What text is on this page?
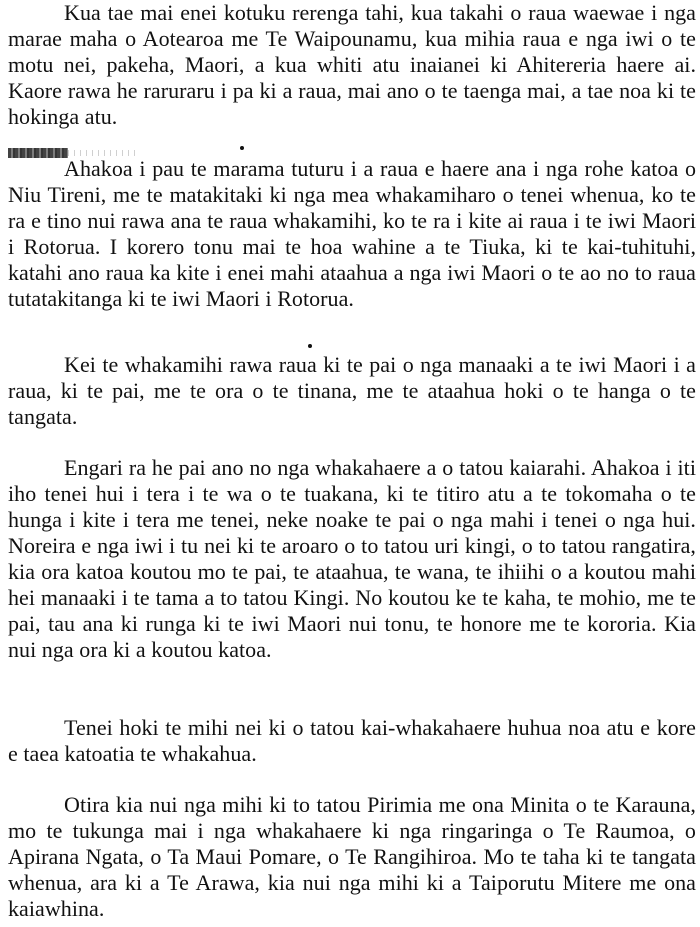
Kua tae mai enei kotuku rerenga tahi, kua takahi o raua waewae i nga marae maha o Aotearoa me Te Waipounamu, kua mihia raua e nga iwi o te motu nei, pakeha, Maori, a kua whiti atu inaianei ki Ahitereria haere ai. Kaore rawa he raruraru i pa ki a raua, mai ano o te taenga mai, a tae noa ki te hokinga atu.

Ahakoa i pau te marama tuturu i a raua e haere ana i nga rohe katoa o Niu Tireni, me te matakitaki ki nga mea whakamiharo o tenei whenua, ko te ra e tino nui rawa ana te raua whakamihi, ko te ra i kite ai raua i te iwi Maori i Rotorua. I korero tonu mai te hoa wahine a te Tiuka, ki te kai-tuhituhi, katahi ano raua ka kite i enei mahi ataahua a nga iwi Maori o te ao no to raua tutatakitanga ki te iwi Maori i Rotorua.

Kei te whakamihi rawa raua ki te pai o nga manaaki a te iwi Maori i a raua, ki te pai, me te ora o te tinana, me te ataahua hoki o te hanga o te tangata.

Engari ra he pai ano no nga whakahaere a o tatou kaiarahi. Ahakoa i iti iho tenei hui i tera i te wa o te tuakana, ki te titiro atu a te tokomaha o te hunga i kite i tera me tenei, neke noake te pai o nga mahi i tenei o nga hui. Noreira e nga iwi i tu nei ki te aroaro o to tatou uri kingi, o to tatou rangatira, kia ora katoa koutou mo te pai, te ataahua, te wana, te ihiihi o a koutou mahi hei manaaki i te tama a to tatou Kingi. No koutou ke te kaha, te mohio, me te pai, tau ana ki runga ki te iwi Maori nui tonu, te honore me te kororia. Kia nui nga ora ki a koutou katoa.

Tenei hoki te mihi nei ki o tatou kai-whakahaere huhua noa atu e kore e taea katoatia te whakahua.

Otira kia nui nga mihi ki to tatou Pirimia me ona Minita o te Karauna, mo te tukunga mai i nga whakahaere ki nga ringaringa o Te Raumoa, o Apirana Ngata, o Ta Maui Pomare, o Te Rangihiroa. Mo te taha ki te tangata whenua, ara ki a Te Arawa, kia nui nga mihi ki a Taiporutu Mitere me ona kaiawhina.
